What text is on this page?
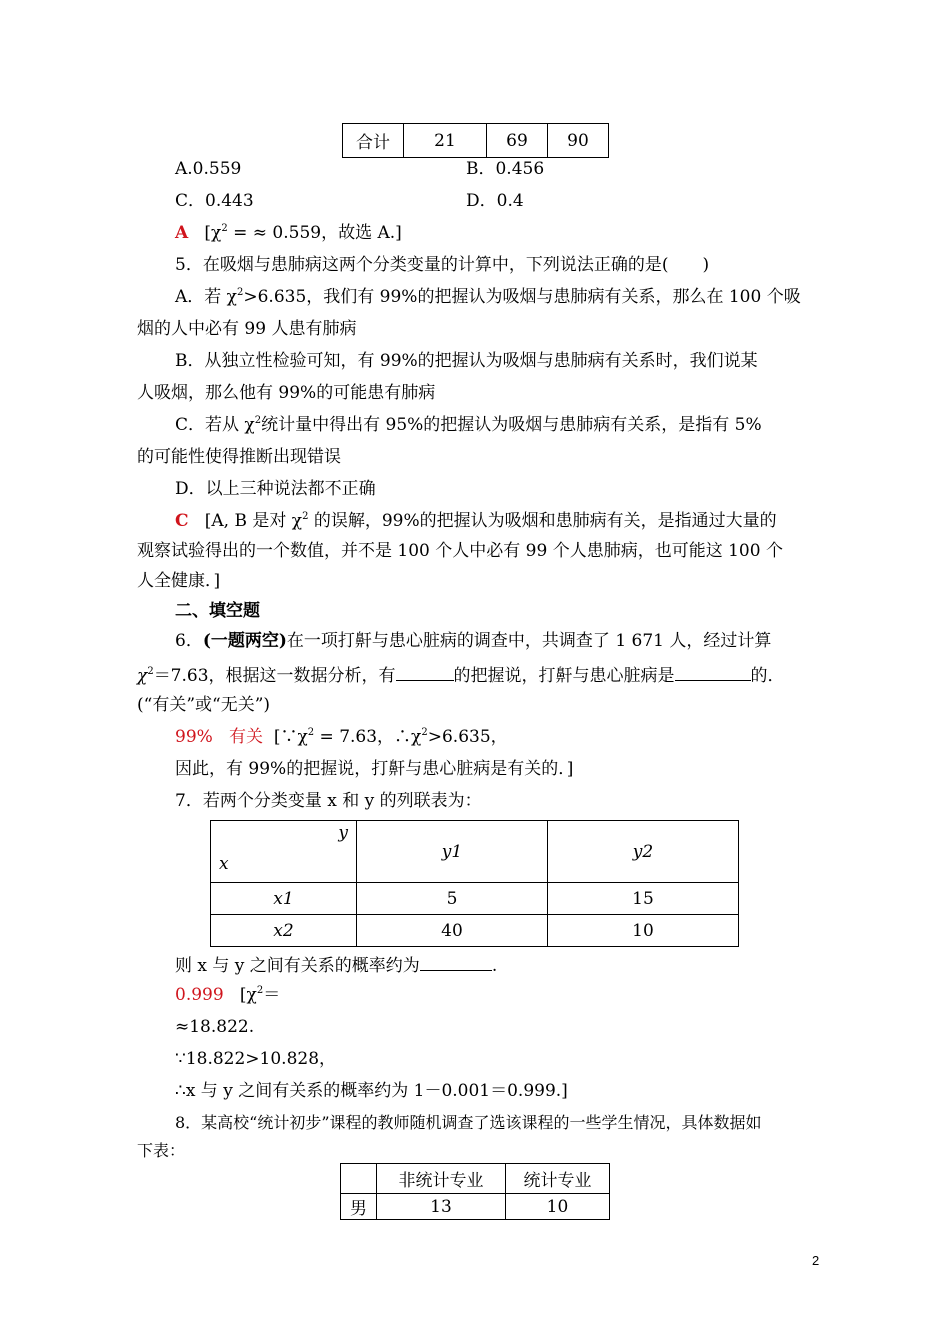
合计	21	69	90
A.0.559	B．0.456
C．0.443	D．0.4
A [$\chi^2$ = ≈ 0.559，故选 A.]
5．在吸烟与患肺病这两个分类变量的计算中，下列说法正确的是(　　)
A．若 $\chi^2>6.635$，我们有 99%的把握认为吸烟与患肺病有关系，那么在 100 个吸
烟的人中必有 99 人患有肺病
B．从独立性检验可知，有 99%的把握认为吸烟与患肺病有关系时，我们说某
人吸烟，那么他有 99%的可能患有肺病
C．若从 $\chi^2$统计量中得出有 95%的把握认为吸烟与患肺病有关系，是指有 5%
的可能性使得推断出现错误
D．以上三种说法都不正确
C [A, B 是对 $\chi^2$ 的误解，99%的把握认为吸烟和患肺病有关，是指通过大量的
观察试验得出的一个数值，并不是 100 个人中必有 99 个人患肺病，也可能这 100 个
人全健康．]
二、填空题
6．(一题两空)在一项打鼾与患心脏病的调查中，共调查了 1 671 人，经过计算
$\chi^2=7.63$，根据这一数据分析，有	的把握说，打鼾与患心脏病是	的．
(“有关”或“无关”)
99% 有关 [$\because\chi^2 = 7.63$，$\therefore\chi^2>6.635$，
因此，有 99%的把握说，打鼾与患心脏病是有关的．]
7．若两个分类变量 x 和 y 的列联表为：
y
x	y1	y2
x1	5	15
x2	40	10
则 x 与 y 之间有关系的概率约为	.
0.999 [$\chi^2=$
≈18.822.
∵18.822>10.828，
∴x 与 y 之间有关系的概率约为 1－0.001＝0.999.]
8．某高校“统计初步”课程的教师随机调查了选该课程的一些学生情况，具体数据如
下表：
	非统计专业	统计专业
男	13	10
2
